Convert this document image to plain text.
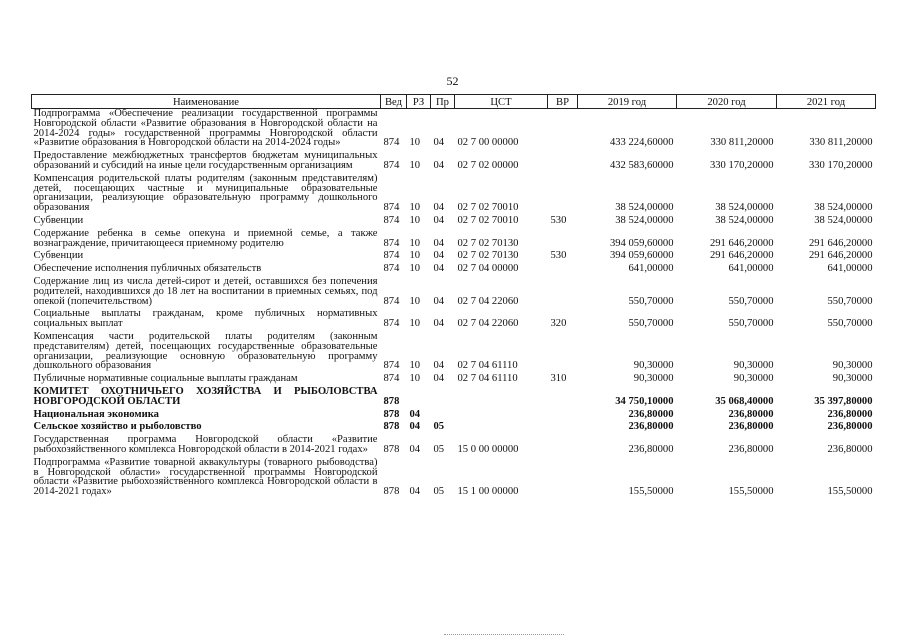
52
Наименование	Вед	РЗ	Пр	ЦСТ	ВР	2019 год	2020 год	2021 год
Подпрограмма «Обеспечение реализации государственной программы Новгородской области «Развитие образования в Новгородской области на 2014-2024 годы» государственной программы Новгородской области «Развитие образования в Новгородской области на 2014-2024 годы»	874	10	04	02 7 00 00000		433 224,60000	330 811,20000	330 811,20000
Предоставление межбюджетных трансфертов бюджетам муниципальных образований и субсидий на иные цели государственным организациям	874	10	04	02 7 02 00000		432 583,60000	330 170,20000	330 170,20000
Компенсация родительской платы родителям (законным представителям) детей, посещающих частные и муниципальные образовательные организации, реализующие образовательную программу дошкольного образования	874	10	04	02 7 02 70010		38 524,00000	38 524,00000	38 524,00000
Субвенции	874	10	04	02 7 02 70010	530	38 524,00000	38 524,00000	38 524,00000
Содержание ребенка в семье опекуна и приемной семье, а также вознаграждение, причитающееся приемному родителю	874	10	04	02 7 02 70130		394 059,60000	291 646,20000	291 646,20000
Субвенции	874	10	04	02 7 02 70130	530	394 059,60000	291 646,20000	291 646,20000
Обеспечение исполнения публичных обязательств	874	10	04	02 7 04 00000		641,00000	641,00000	641,00000
Содержание лиц из числа детей-сирот и детей, оставшихся без попечения родителей, находившихся до 18 лет на воспитании в приемных семьях, под опекой (попечительством)	874	10	04	02 7 04 22060		550,70000	550,70000	550,70000
Социальные выплаты гражданам, кроме публичных нормативных социальных выплат	874	10	04	02 7 04 22060	320	550,70000	550,70000	550,70000
Компенсация части родительской платы родителям (законным представителям) детей, посещающих государственные образовательные организации, реализующие основную образовательную программу дошкольного образования	874	10	04	02 7 04 61110		90,30000	90,30000	90,30000
Публичные нормативные социальные выплаты гражданам	874	10	04	02 7 04 61110	310	90,30000	90,30000	90,30000
КОМИТЕТ ОХОТНИЧЬЕГО ХОЗЯЙСТВА И РЫБОЛОВСТВА НОВГОРОДСКОЙ ОБЛАСТИ	878					34 750,10000	35 068,40000	35 397,80000
Национальная экономика	878	04				236,80000	236,80000	236,80000
Сельское хозяйство и рыболовство	878	04	05			236,80000	236,80000	236,80000
Государственная программа Новгородской области «Развитие рыбохозяйственного комплекса Новгородской области в 2014-2021 годах»	878	04	05	15 0 00 00000		236,80000	236,80000	236,80000
Подпрограмма «Развитие товарной аквакультуры (товарного рыбоводства) в Новгородской области» государственной программы Новгородской области «Развитие рыбохозяйственного комплекса Новгородской области в 2014-2021 годах»	878	04	05	15 1 00 00000		155,50000	155,50000	155,50000
